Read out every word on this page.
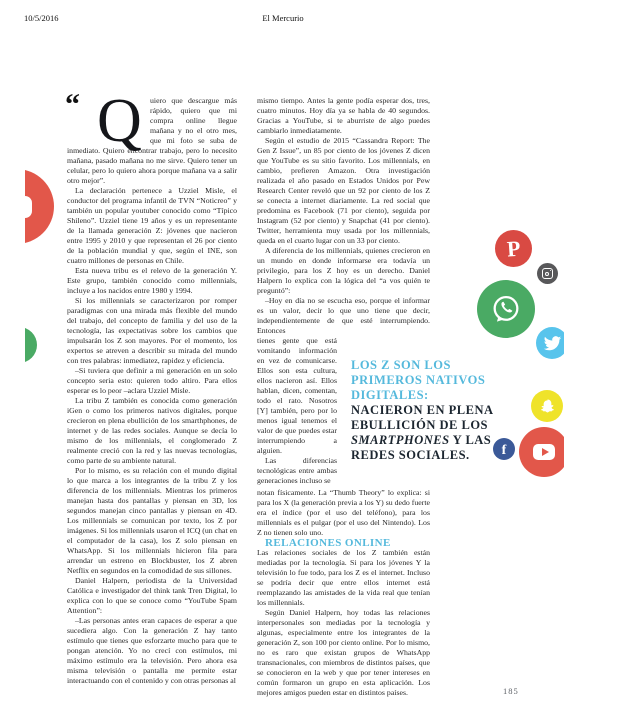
10/5/2016	El Mercurio
P
f

“ Q uiero que descargue más rápido, quiero que mi compra online llegue mañana y no el otro mes, que mi foto se suba de inmediato. Quiero encontrar trabajo, pero lo necesito mañana, pasado mañana no me sirve. Quiero tener un celular, pero lo quiero ahora porque mañana va a salir otro mejor”.

La declaración pertenece a Uzziel Misle, el conductor del programa infantil de TVN “Noticreo” y también un popular youtuber conocido como “Típico Shileno”. Uzziel tiene 19 años y es un representante de la llamada generación Z: jóvenes que nacieron entre 1995 y 2010 y que representan el 26 por ciento de la población mundial y que, según el INE, son cuatro millones de personas en Chile.

Esta nueva tribu es el relevo de la generación Y. Este grupo, también conocido como millennials, incluye a los nacidos entre 1980 y 1994.

Si los millennials se caracterizaron por romper paradigmas con una mirada más flexible del mundo del trabajo, del concepto de familia y del uso de la tecnología, las expectativas sobre los cambios que impulsarán los Z son mayores. Por el momento, los expertos se atreven a describir su mirada del mundo con tres palabras: inmediatez, rapidez y eficiencia.

–Si tuviera que definir a mi generación en un solo concepto seria esto: quieren todo altiro. Para ellos esperar es lo peor –aclara Uzziel Misle.

La tribu Z también es conocida como generación iGen o como los primeros nativos digitales, porque crecieron en plena ebullición de los smarthphones, de internet y de las redes sociales. Aunque se decía lo mismo de los millennials, el conglomerado Z realmente creció con la red y las nuevas tecnologías, como parte de su ambiente natural.

Por lo mismo, es su relación con el mundo digital lo que marca a los integrantes de la tribu Z y los diferencia de los millennials. Mientras los primeros manejan hasta dos pantallas y piensan en 3D, los segundos manejan cinco pantallas y piensan en 4D. Los millennials se comunican por texto, los Z por imágenes. Si los millennials usaron el ICQ (un chat en el computador de la casa), los Z solo piensan en WhatsApp. Si los millennials hicieron fila para arrendar un estreno en Blockbuster, los Z abren Netflix en segundos en la comodidad de sus sillones.

Daniel Halpern, periodista de la Universidad Católica e investigador del think tank Tren Digital, lo explica con lo que se conoce como “YouTube Spam Attention”:

–Las personas antes eran capaces de esperar a que sucediera algo. Con la generación Z hay tanto estímulo que tienes que esforzarte mucho para que te pongan atención. Yo no crecí con estímulos, mi máximo estímulo era la televisión. Pero ahora esa misma televisión o pantalla me permite estar interactuando con el contenido y con otras personas al

mismo tiempo. Antes la gente podía esperar dos, tres, cuatro minutos. Hoy día ya se habla de 40 segundos. Gracias a YouTube, si te aburriste de algo puedes cambiarlo inmediatamente.

Según el estudio de 2015 “Cassandra Report: The Gen Z Issue”, un 85 por ciento de los jóvenes Z dicen que YouTube es su sitio favorito. Los millennials, en cambio, prefieren Amazon. Otra investigación realizada el año pasado en Estados Unidos por Pew Research Center reveló que un 92 por ciento de los Z se conecta a internet diariamente. La red social que predomina es Facebook (71 por ciento), seguida por Instagram (52 por ciento) y Snapchat (41 por ciento). Twitter, herramienta muy usada por los millennials, queda en el cuarto lugar con un 33 por ciento.

A diferencia de los millennials, quienes crecieron en un mundo en donde informarse era todavía un privilegio, para los Z hoy es un derecho. Daniel Halpern lo explica con la lógica del “a vos quién te preguntó”:

–Hoy en día no se escucha eso, porque el informar es un valor, decir lo que uno tiene que decir, independientemente de que esté interrumpiendo. Entonces

tienes gente que está vomitando información en vez de comunicarse. Ellos son esta cultura, ellos nacieron así. Ellos hablan, dicen, comentan, todo el rato. Nosotros [Y] también, pero por lo menos igual tenemos el valor de que puedes estar interrumpiendo a alguien.

Las diferencias tecnológicas entre ambas generaciones incluso se

LOS Z SON LOS
PRIMEROS NATIVOS
DIGITALES:
NACIERON EN PLENA
EBULLICIÓN DE LOS
SMARTPHONES Y LAS
REDES SOCIALES.

notan físicamente. La “Thumb Theory” lo explica: si para los X (la generación previa a los Y) su dedo fuerte era el índice (por el uso del teléfono), para los millennials es el pulgar (por el uso del Nintendo). Los Z no tienen solo uno.

RELACIONES ONLINE

Las relaciones sociales de los Z también están mediadas por la tecnología. Si para los jóvenes Y la televisión lo fue todo, para los Z es el internet. Incluso se podría decir que entre ellos internet está reemplazando las amistades de la vida real que tenían los millennials.

Según Daniel Halpern, hoy todas las relaciones interpersonales son mediadas por la tecnología y algunas, especialmente entre los integrantes de la generación Z, son 100 por ciento online. Por lo mismo, no es raro que existan grupos de WhatsApp transnacionales, con miembros de distintos países, que se conocieron en la web y que por tener intereses en común formaron un grupo en esta aplicación. Los mejores amigos pueden estar en distintos países.	185
